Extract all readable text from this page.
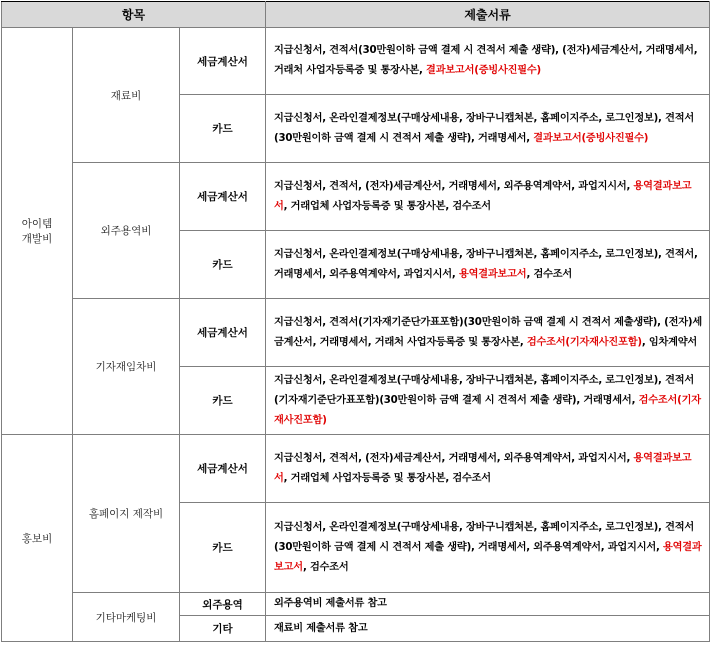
항목			제출서류
아이템
개발비	재료비	세금계산서	지급신청서, 견적서(30만원이하 금액 결제 시 견적서 제출 생략), (전자)세금계산서, 거래명세서, 거래처 사업자등록증 및 통장사본, 결과보고서(증빙사진필수)
		카드	지급신청서, 온라인결제정보(구매상세내용, 장바구니캡쳐본, 홈페이지주소, 로그인정보), 견적서(30만원이하 금액 결제 시 견적서 제출 생략), 거래명세서, 결과보고서(증빙사진필수)
	외주용역비	세금계산서	지급신청서, 견적서, (전자)세금계산서, 거래명세서, 외주용역계약서, 과업지시서, 용역결과보고서, 거래업체 사업자등록증 및 통장사본, 검수조서
		카드	지급신청서, 온라인결제정보(구매상세내용, 장바구니캡쳐본, 홈페이지주소, 로그인정보), 견적서, 거래명세서, 외주용역계약서, 과업지시서, 용역결과보고서, 검수조서
	기자재임차비	세금계산서	지급신청서, 견적서(기자재기준단가표포함)(30만원이하 금액 결제 시 견적서 제출생략), (전자)세금계산서, 거래명세서, 거래처 사업자등록증 및 통장사본, 검수조서(기자재사진포함), 임차계약서
		카드	지급신청서, 온라인결제정보(구매상세내용, 장바구니캡쳐본, 홈페이지주소, 로그인정보), 견적서(기자재기준단가표포함)(30만원이하 금액 결제 시 견적서 제출 생략), 거래명세서, 검수조서(기자재사진포함)
홍보비	홈페이지 제작비	세금계산서	지급신청서, 견적서, (전자)세금계산서, 거래명세서, 외주용역계약서, 과업지시서, 용역결과보고서, 거래업체 사업자등록증 및 통장사본, 검수조서
		카드	지급신청서, 온라인결제정보(구매상세내용, 장바구니캡쳐본, 홈페이지주소, 로그인정보), 견적서(30만원이하 금액 결제 시 견적서 제출 생략), 거래명세서, 외주용역계약서, 과업지시서, 용역결과보고서, 검수조서
	기타마케팅비	외주용역	외주용역비 제출서류 참고
		기타	재료비 제출서류 참고
